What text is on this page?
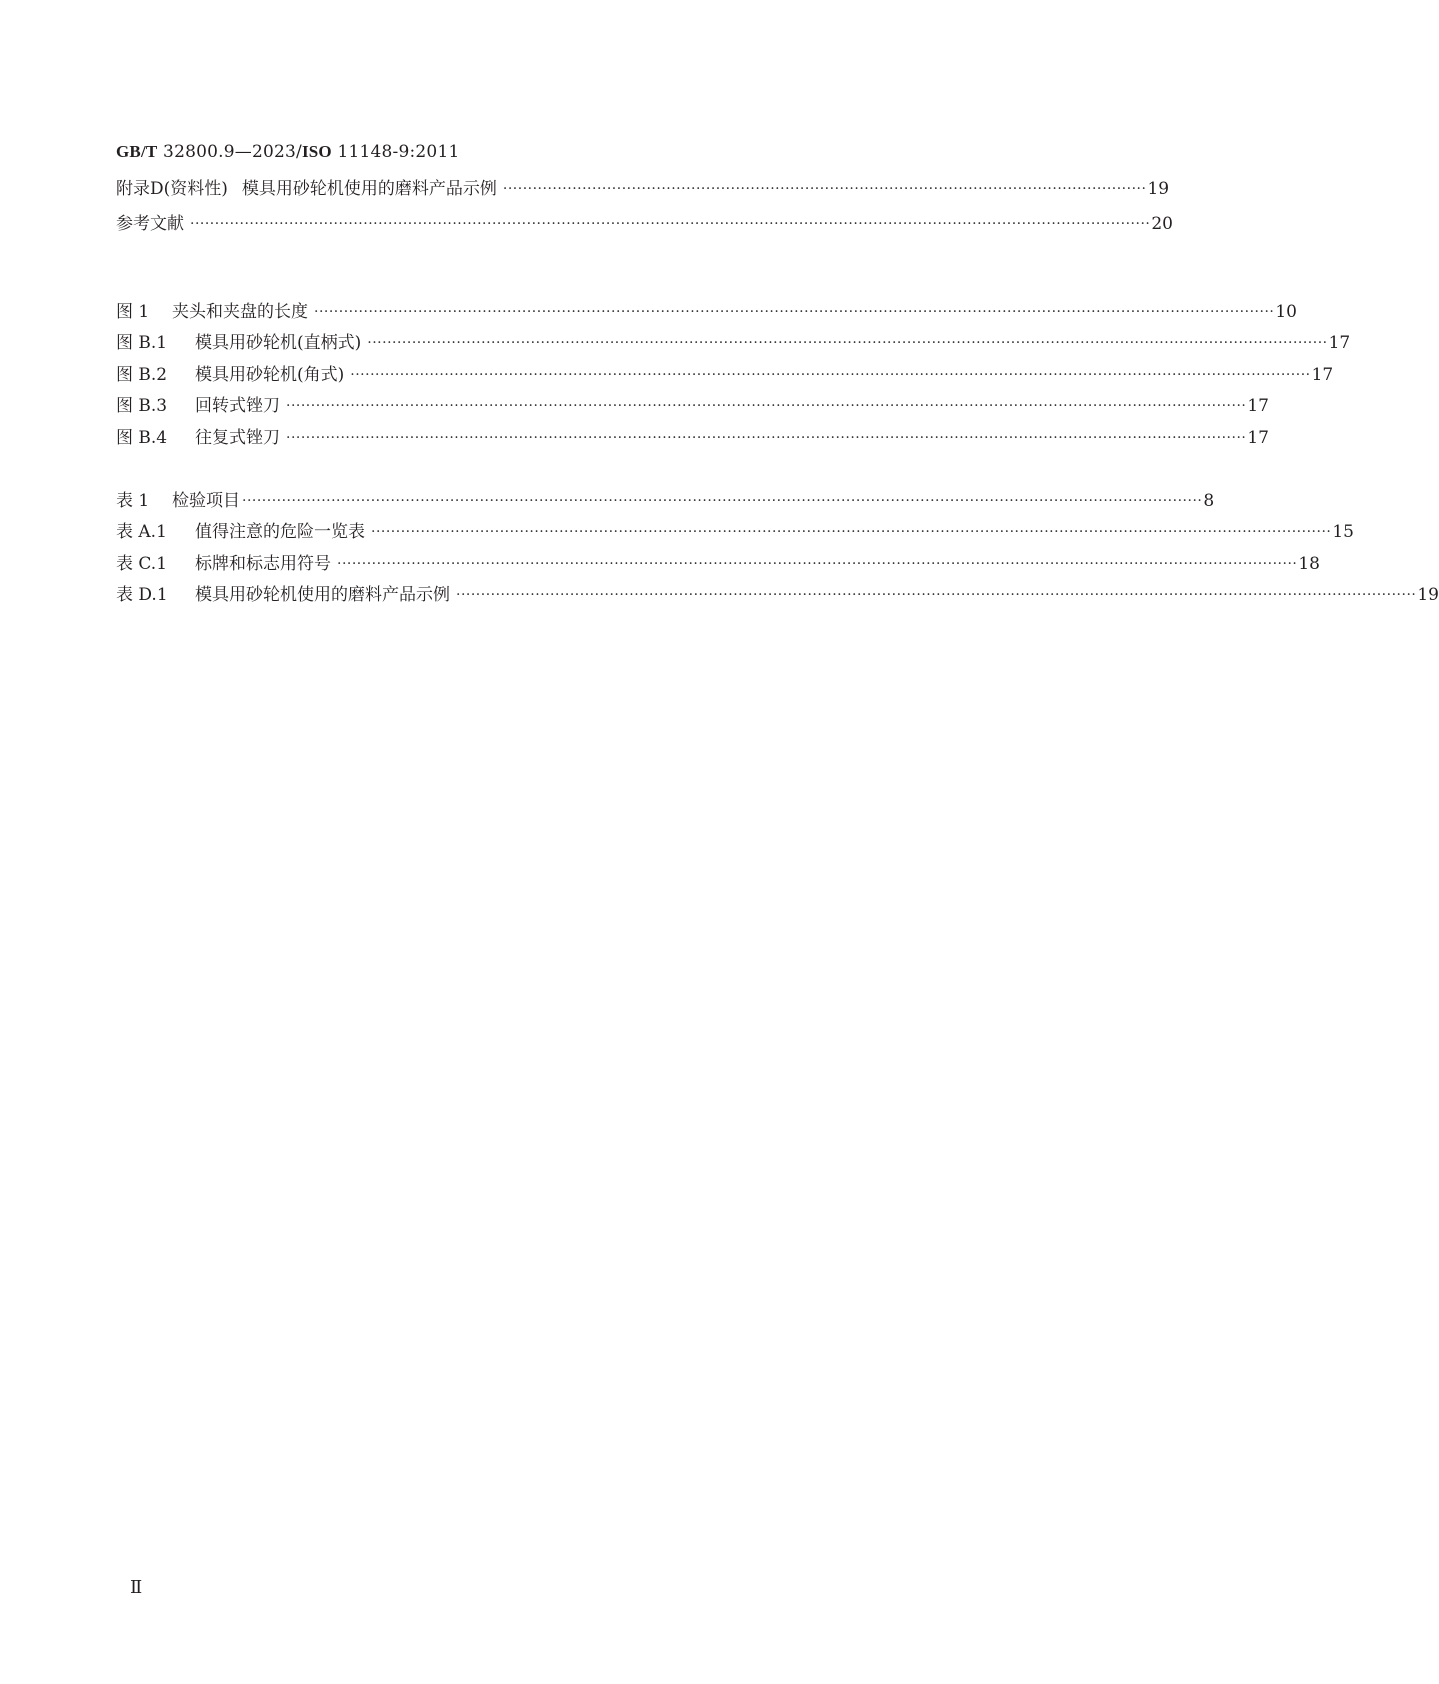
GB/T 32800.9—2023/ISO 11148-9:2011
附录D(资料性) 模具用砂轮机使用的磨料产品示例 ·································································································································· 19
参考文献 ·································································································································································································· 20
图 1 夹头和夹盘的长度 ·································································································································································································· 10
图 B.1 模具用砂轮机(直柄式) ·································································································································································································· 17
图 B.2 模具用砂轮机(角式) ·································································································································································································· 17
图 B.3 回转式锉刀 ·································································································································································································· 17
图 B.4 往复式锉刀 ·································································································································································································· 17
表 1 检验项目 ·································································································································································································· 8
表 A.1 值得注意的危险一览表 ·································································································································································································· 15
表 C.1 标牌和标志用符号 ·································································································································································································· 18
表 D.1 模具用砂轮机使用的磨料产品示例 ·································································································································································································· 19
Ⅱ
